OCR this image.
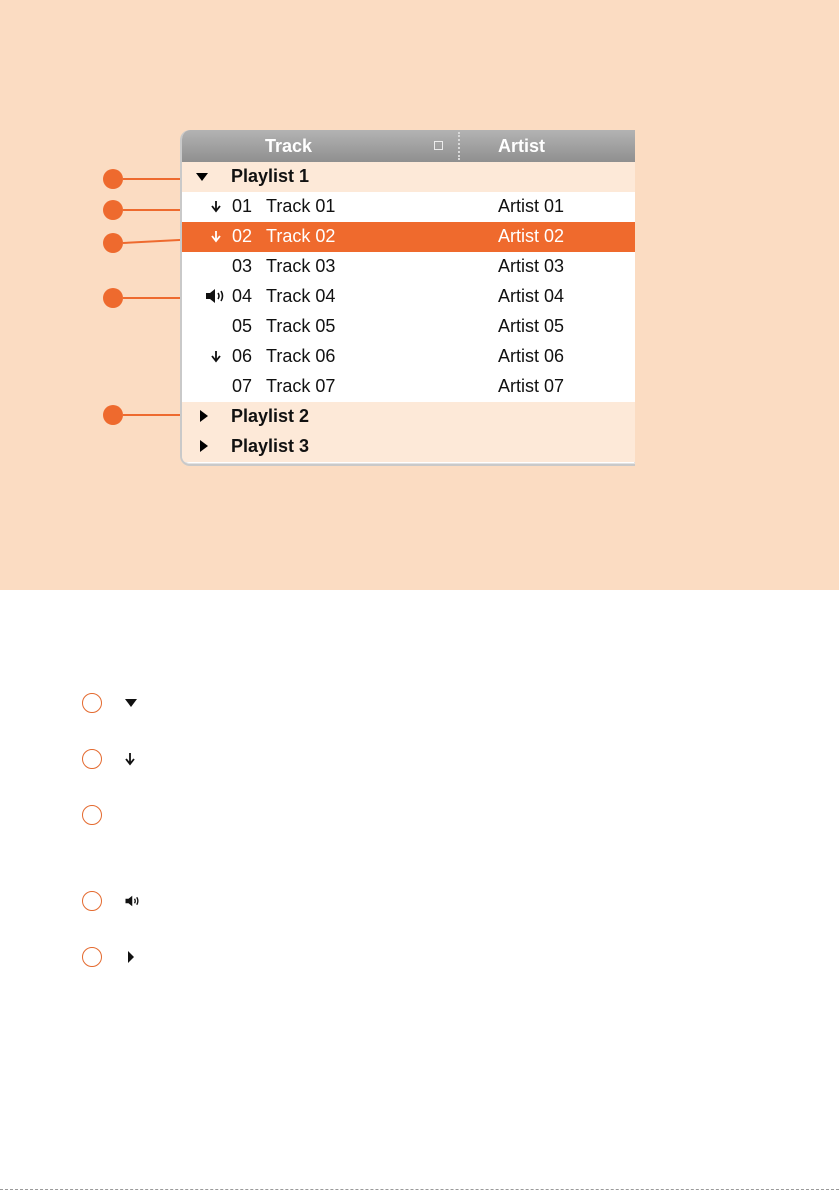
Track	Artist
Playlist 1
01 Track 01	Artist 01
02 Track 02	Artist 02
03 Track 03	Artist 03
04 Track 04	Artist 04
05 Track 05	Artist 05
06 Track 06	Artist 06
07 Track 07	Artist 07
Playlist 2
Playlist 3
